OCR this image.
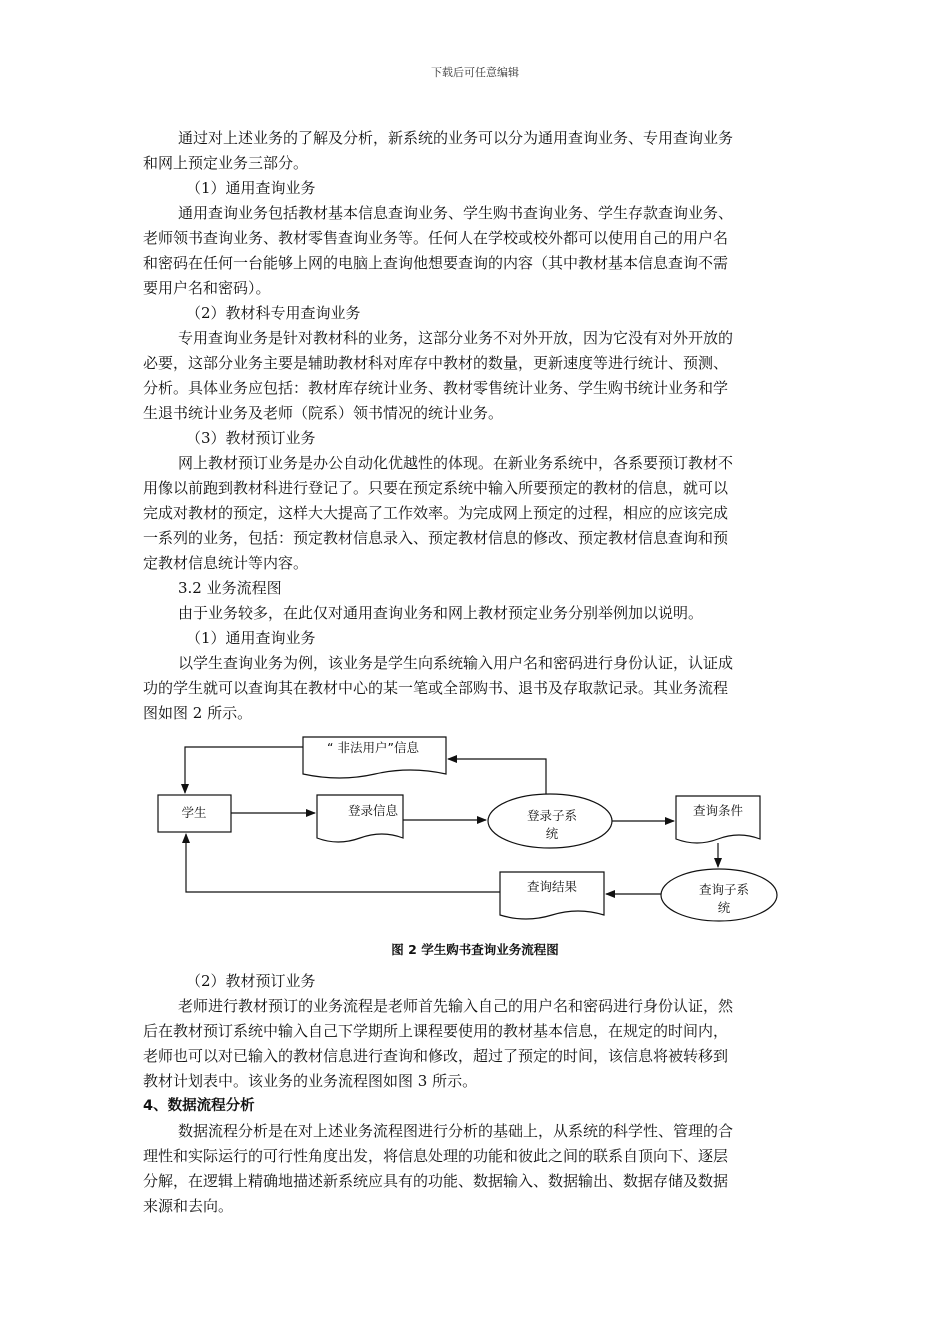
下载后可任意编辑
通过对上述业务的了解及分析，新系统的业务可以分为通用查询业务、专用查询业务
和网上预定业务三部分。
（1）通用查询业务
通用查询业务包括教材基本信息查询业务、学生购书查询业务、学生存款查询业务、
老师领书查询业务、教材零售查询业务等。任何人在学校或校外都可以使用自己的用户名
和密码在任何一台能够上网的电脑上查询他想要查询的内容（其中教材基本信息查询不需
要用户名和密码）。
（2）教材科专用查询业务
专用查询业务是针对教材科的业务，这部分业务不对外开放，因为它没有对外开放的
必要，这部分业务主要是辅助教材科对库存中教材的数量，更新速度等进行统计、预测、
分析。具体业务应包括：教材库存统计业务、教材零售统计业务、学生购书统计业务和学
生退书统计业务及老师（院系）领书情况的统计业务。
（3）教材预订业务
网上教材预订业务是办公自动化优越性的体现。在新业务系统中，各系要预订教材不
用像以前跑到教材科进行登记了。只要在预定系统中输入所要预定的教材的信息，就可以
完成对教材的预定，这样大大提高了工作效率。为完成网上预定的过程，相应的应该完成
一系列的业务，包括：预定教材信息录入、预定教材信息的修改、预定教材信息查询和预
定教材信息统计等内容。
3.2 业务流程图
由于业务较多，在此仅对通用查询业务和网上教材预定业务分别举例加以说明。
（1）通用查询业务
以学生查询业务为例，该业务是学生向系统输入用户名和密码进行身份认证，认证成
功的学生就可以查询其在教材中心的某一笔或全部购书、退书及存取款记录。其业务流程
图如图 2 所示。
学生
“ 非法用户”信息
登录信息	登录子系
统
查询条件
查询子系
统
查询结果
图 2 学生购书查询业务流程图
（2）教材预订业务
老师进行教材预订的业务流程是老师首先输入自己的用户名和密码进行身份认证，然
后在教材预订系统中输入自己下学期所上课程要使用的教材基本信息，在规定的时间内，
老师也可以对已输入的教材信息进行查询和修改，超过了预定的时间，该信息将被转移到
教材计划表中。该业务的业务流程图如图 3 所示。
4、数据流程分析
数据流程分析是在对上述业务流程图进行分析的基础上，从系统的科学性、管理的合
理性和实际运行的可行性角度出发，将信息处理的功能和彼此之间的联系自顶向下、逐层
分解，在逻辑上精确地描述新系统应具有的功能、数据输入、数据输出、数据存储及数据
来源和去向。
